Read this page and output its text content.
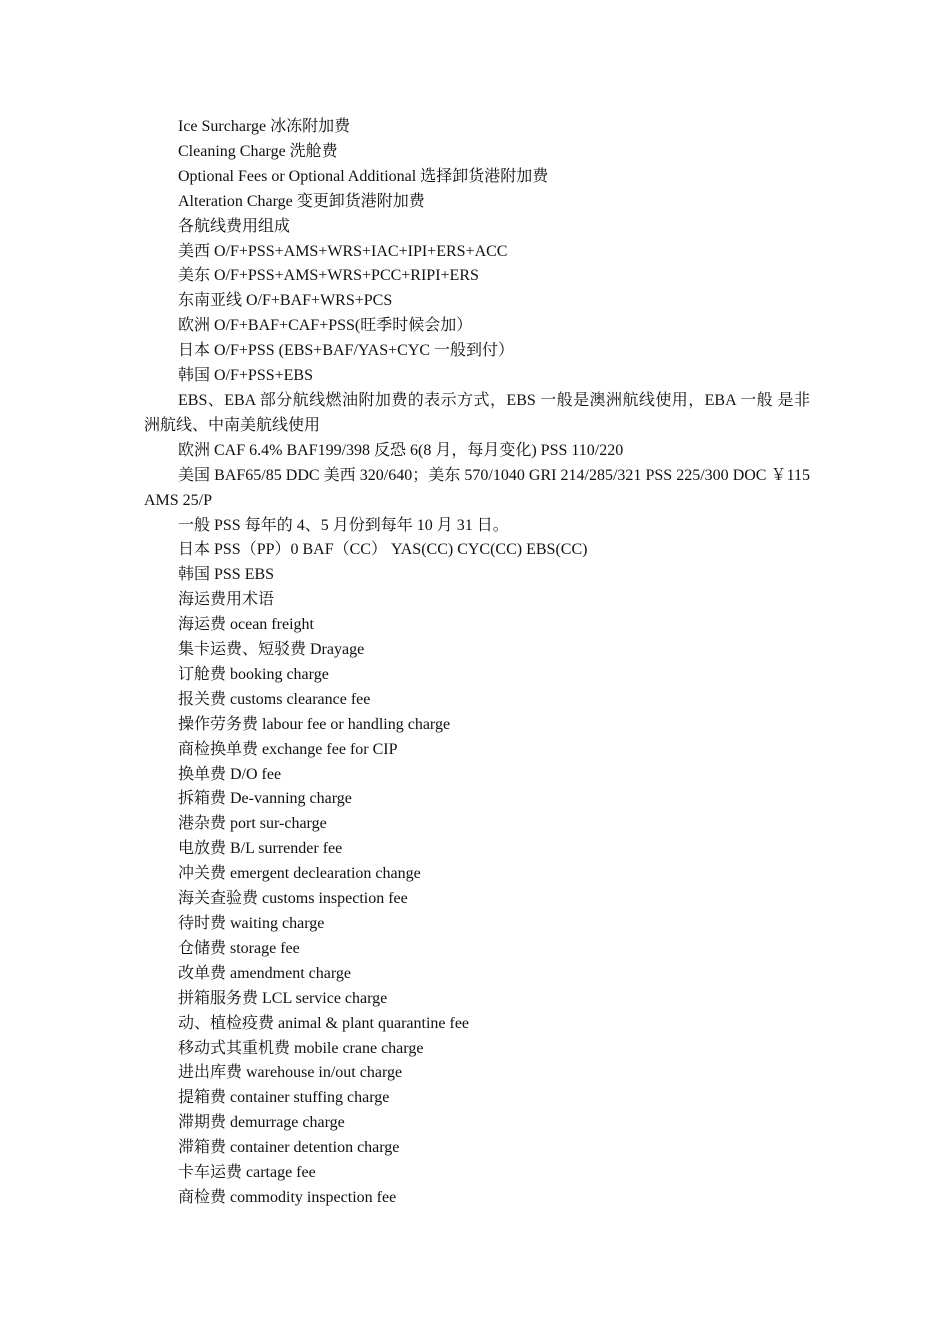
Ice Surcharge 冰冻附加费
Cleaning Charge 洗舱费
Optional Fees or Optional Additional 选择卸货港附加费
Alteration Charge 变更卸货港附加费
各航线费用组成
美西 O/F+PSS+AMS+WRS+IAC+IPI+ERS+ACC
美东 O/F+PSS+AMS+WRS+PCC+RIPI+ERS
东南亚线 O/F+BAF+WRS+PCS
欧洲 O/F+BAF+CAF+PSS(旺季时候会加）
日本 O/F+PSS (EBS+BAF/YAS+CYC 一般到付）
韩国 O/F+PSS+EBS
EBS、EBA 部分航线燃油附加费的表示方式，EBS 一般是澳洲航线使用，EBA 一般 是非洲航线、中南美航线使用
欧洲 CAF 6.4% BAF199/398 反恐 6(8 月，每月变化) PSS 110/220
美国 BAF65/85 DDC 美西 320/640；美东 570/1040 GRI 214/285/321 PSS 225/300 DOC ￥115 AMS 25/P
一般 PSS 每年的 4、5 月份到每年 10 月 31 日。
日本 PSS（PP）0 BAF（CC） YAS(CC) CYC(CC) EBS(CC)
韩国 PSS EBS
海运费用术语
海运费 ocean freight
集卡运费、短驳费 Drayage
订舱费 booking charge
报关费 customs clearance fee
操作劳务费 labour fee or handling charge
商检换单费 exchange fee for CIP
换单费 D/O fee
拆箱费 De-vanning charge
港杂费 port sur-charge
电放费 B/L surrender fee
冲关费 emergent declearation change
海关查验费 customs inspection fee
待时费 waiting charge
仓储费 storage fee
改单费 amendment charge
拼箱服务费 LCL service charge
动、植检疫费 animal & plant quarantine fee
移动式其重机费 mobile crane charge
进出库费 warehouse in/out charge
提箱费 container stuffing charge
滞期费 demurrage charge
滞箱费 container detention charge
卡车运费 cartage fee
商检费 commodity inspection fee
